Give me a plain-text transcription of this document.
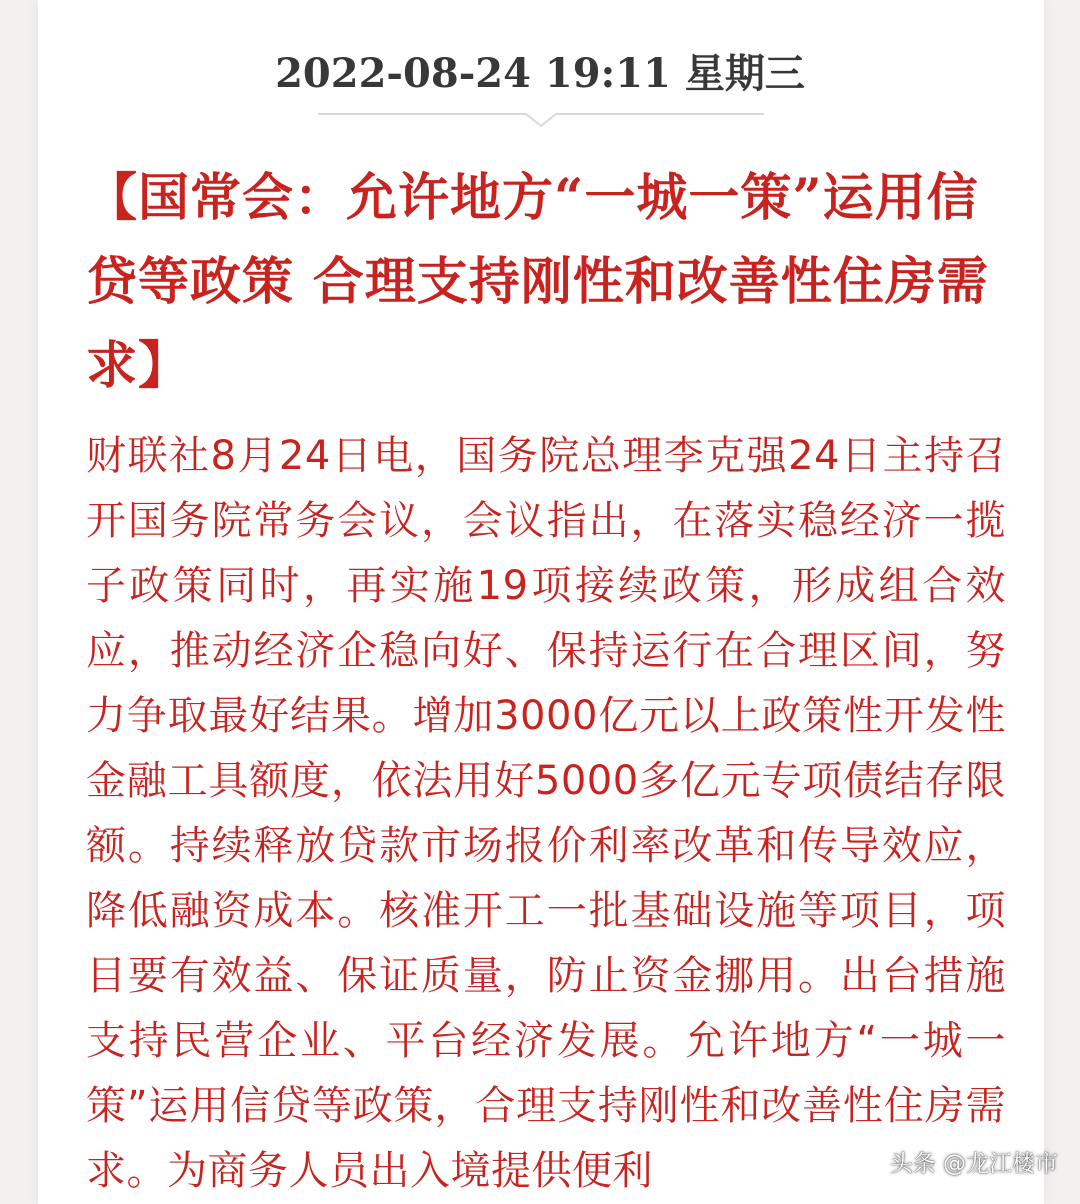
2022-08-24 19:11 星期三
【国常会：允许地方“一城一策”运用信贷等政策 合理支持刚性和改善性住房需求】

财联社8月24日电，国务院总理李克强24日主持召开国务院常务会议，会议指出，在落实稳经济一揽子政策同时，再实施19项接续政策，形成组合效应，推动经济企稳向好、保持运行在合理区间，努力争取最好结果。增加3000亿元以上政策性开发性金融工具额度，依法用好5000多亿元专项债结存限额。持续释放贷款市场报价利率改革和传导效应，降低融资成本。核准开工一批基础设施等项目，项目要有效益、保证质量，防止资金挪用。出台措施支持民营企业、平台经济发展。允许地方“一城一策”运用信贷等政策，合理支持刚性和改善性住房需求。为商务人员出入境提供便利	头条 @龙江楼市
